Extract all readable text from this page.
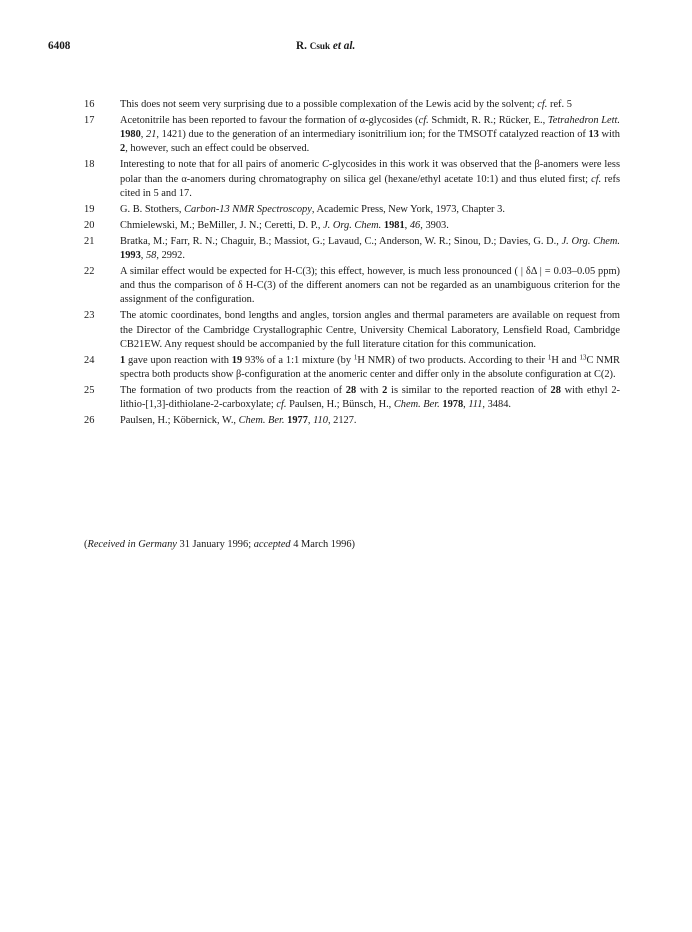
6408	R. Csuk et al.
16 This does not seem very surprising due to a possible complexation of the Lewis acid by the solvent; cf. ref. 5
17 Acetonitrile has been reported to favour the formation of α-glycosides (cf. Schmidt, R. R.; Rücker, E., Tetrahedron Lett. 1980, 21, 1421) due to the generation of an intermediary isonitrilium ion; for the TMSOTf catalyzed reaction of 13 with 2, however, such an effect could be observed.
18 Interesting to note that for all pairs of anomeric C-glycosides in this work it was observed that the β-anomers were less polar than the α-anomers during chromatography on silica gel (hexane/ethyl acetate 10:1) and thus eluted first; cf. refs cited in 5 and 17.
19 G. B. Stothers, Carbon-13 NMR Spectroscopy, Academic Press, New York, 1973, Chapter 3.
20 Chmielewski, M.; BeMiller, J. N.; Ceretti, D. P., J. Org. Chem. 1981, 46, 3903.
21 Bratka, M.; Farr, R. N.; Chaguir, B.; Massiot, G.; Lavaud, C.; Anderson, W. R.; Sinou, D.; Davies, G. D., J. Org. Chem. 1993, 58, 2992.
22 A similar effect would be expected for H-C(3); this effect, however, is much less pronounced ( | δΔ | = 0.03–0.05 ppm) and thus the comparison of δ H-C(3) of the different anomers can not be regarded as an unambiguous criterion for the assignment of the configuration.
23 The atomic coordinates, bond lengths and angles, torsion angles and thermal parameters are available on request from the Director of the Cambridge Crystallographic Centre, University Chemical Laboratory, Lensfield Road, Cambridge CB21EW. Any request should be accompanied by the full literature citation for this communication.
24 1 gave upon reaction with 19 93% of a 1:1 mixture (by $^1$H NMR) of two products. According to their $^1$H and $^{13}$C NMR spectra both products show β-configuration at the anomeric center and differ only in the absolute configuration at C(2).
25 The formation of two products from the reaction of 28 with 2 is similar to the reported reaction of 28 with ethyl 2-lithio-[1,3]-dithiolane-2-carboxylate; cf. Paulsen, H.; Bünsch, H., Chem. Ber. 1978, 111, 3484.
26 Paulsen, H.; Köbernick, W., Chem. Ber. 1977, 110, 2127.
(Received in Germany 31 January 1996; accepted 4 March 1996)
